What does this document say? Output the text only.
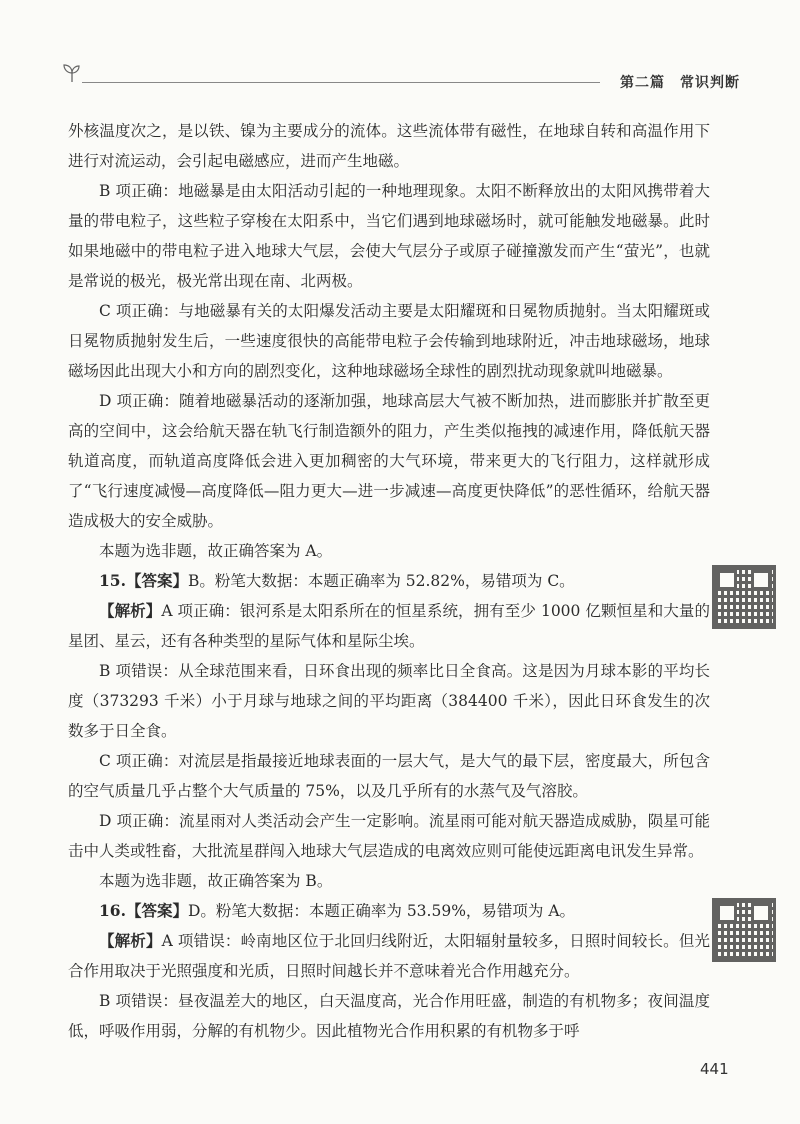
第二篇　常识判断

外核温度次之，是以铁、镍为主要成分的流体。这些流体带有磁性，在地球自转和高温作用下进行对流运动，会引起电磁感应，进而产生地磁。

B 项正确：地磁暴是由太阳活动引起的一种地理现象。太阳不断释放出的太阳风携带着大量的带电粒子，这些粒子穿梭在太阳系中，当它们遇到地球磁场时，就可能触发地磁暴。此时如果地磁中的带电粒子进入地球大气层，会使大气层分子或原子碰撞激发而产生“萤光”，也就是常说的极光，极光常出现在南、北两极。

C 项正确：与地磁暴有关的太阳爆发活动主要是太阳耀斑和日冕物质抛射。当太阳耀斑或日冕物质抛射发生后，一些速度很快的高能带电粒子会传输到地球附近，冲击地球磁场，地球磁场因此出现大小和方向的剧烈变化，这种地球磁场全球性的剧烈扰动现象就叫地磁暴。

D 项正确：随着地磁暴活动的逐渐加强，地球高层大气被不断加热，进而膨胀并扩散至更高的空间中，这会给航天器在轨飞行制造额外的阻力，产生类似拖拽的减速作用，降低航天器轨道高度，而轨道高度降低会进入更加稠密的大气环境，带来更大的飞行阻力，这样就形成了“飞行速度减慢—高度降低—阻力更大—进一步减速—高度更快降低”的恶性循环，给航天器造成极大的安全威胁。

本题为选非题，故正确答案为 A。

15.【答案】B。粉笔大数据：本题正确率为 52.82%，易错项为 C。

【解析】A 项正确：银河系是太阳系所在的恒星系统，拥有至少 1000 亿颗恒星和大量的星团、星云，还有各种类型的星际气体和星际尘埃。

B 项错误：从全球范围来看，日环食出现的频率比日全食高。这是因为月球本影的平均长度（373293 千米）小于月球与地球之间的平均距离（384400 千米），因此日环食发生的次数多于日全食。

C 项正确：对流层是指最接近地球表面的一层大气，是大气的最下层，密度最大，所包含的空气质量几乎占整个大气质量的 75%，以及几乎所有的水蒸气及气溶胶。

D 项正确：流星雨对人类活动会产生一定影响。流星雨可能对航天器造成威胁，陨星可能击中人类或牲畜，大批流星群闯入地球大气层造成的电离效应则可能使远距离电讯发生异常。

本题为选非题，故正确答案为 B。

16.【答案】D。粉笔大数据：本题正确率为 53.59%，易错项为 A。

【解析】A 项错误：岭南地区位于北回归线附近，太阳辐射量较多，日照时间较长。但光合作用取决于光照强度和光质，日照时间越长并不意味着光合作用越充分。

B 项错误：昼夜温差大的地区，白天温度高，光合作用旺盛，制造的有机物多；夜间温度低，呼吸作用弱，分解的有机物少。因此植物光合作用积累的有机物多于呼

441
